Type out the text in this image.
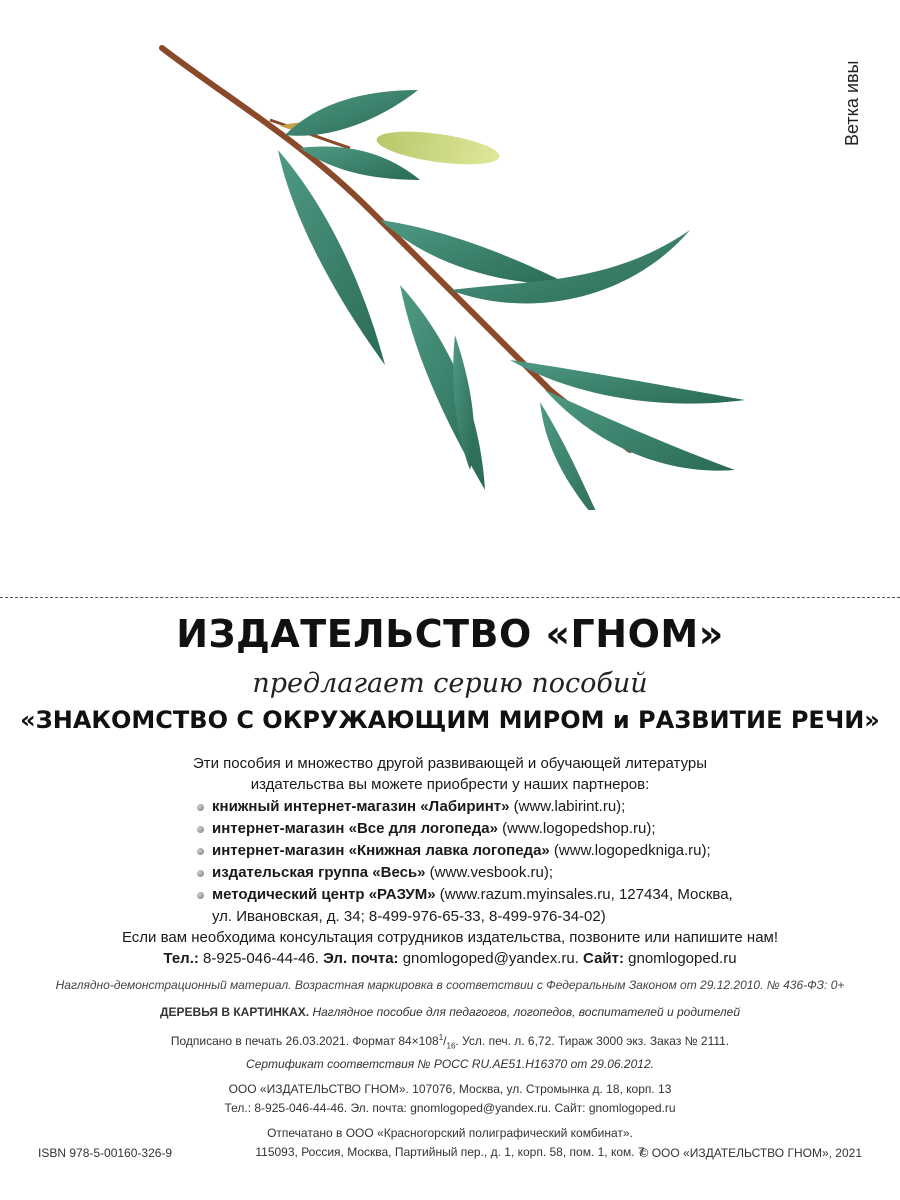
Ветка ивы
ИЗДАТЕЛЬСТВО «ГНОМ»
предлагает серию пособий
«ЗНАКОМСТВО С ОКРУЖАЮЩИМ МИРОМ и РАЗВИТИЕ РЕЧИ»
Эти пособия и множество другой развивающей и обучающей литературы
издательства вы можете приобрести у наших партнеров:
книжный интернет-магазин «Лабиринт» (www.labirint.ru);
интернет-магазин «Все для логопеда» (www.logopedshop.ru);
интернет-магазин «Книжная лавка логопеда» (www.logopedkniga.ru);
издательская группа «Весь» (www.vesbook.ru);
методический центр «РАЗУМ» (www.razum.myinsales.ru, 127434, Москва,
ул. Ивановская, д. 34; 8-499-976-65-33, 8-499-976-34-02)
Если вам необходима консультация сотрудников издательства, позвоните или напишите нам!
Тел.: 8-925-046-44-46. Эл. почта: gnomlogoped@yandex.ru. Сайт: gnomlogoped.ru
Наглядно-демонстрационный материал. Возрастная маркировка в соответствии с Федеральным Законом от 29.12.2010. № 436-ФЗ: 0+
ДЕРЕВЬЯ В КАРТИНКАХ. Наглядное пособие для педагогов, логопедов, воспитателей и родителей
Подписано в печать 26.03.2021. Формат $84\times 108^1/_{16}$. Усл. печ. л. 6,72. Тираж 3000 экз. Заказ № 2111.
Сертификат соответствия № РОСС RU.AE51.H16370 от 29.06.2012.
ООО «ИЗДАТЕЛЬСТВО ГНОМ». 107076, Москва, ул. Стромынка д. 18, корп. 13
Тел.: 8-925-046-44-46. Эл. почта: gnomlogoped@yandex.ru. Сайт: gnomlogoped.ru
Отпечатано в ООО «Красногорский полиграфический комбинат».
115093, Россия, Москва, Партийный пер., д. 1, корп. 58, пом. 1, ком. 7
ISBN 978-5-00160-326-9	© ООО «ИЗДАТЕЛЬСТВО ГНОМ», 2021
